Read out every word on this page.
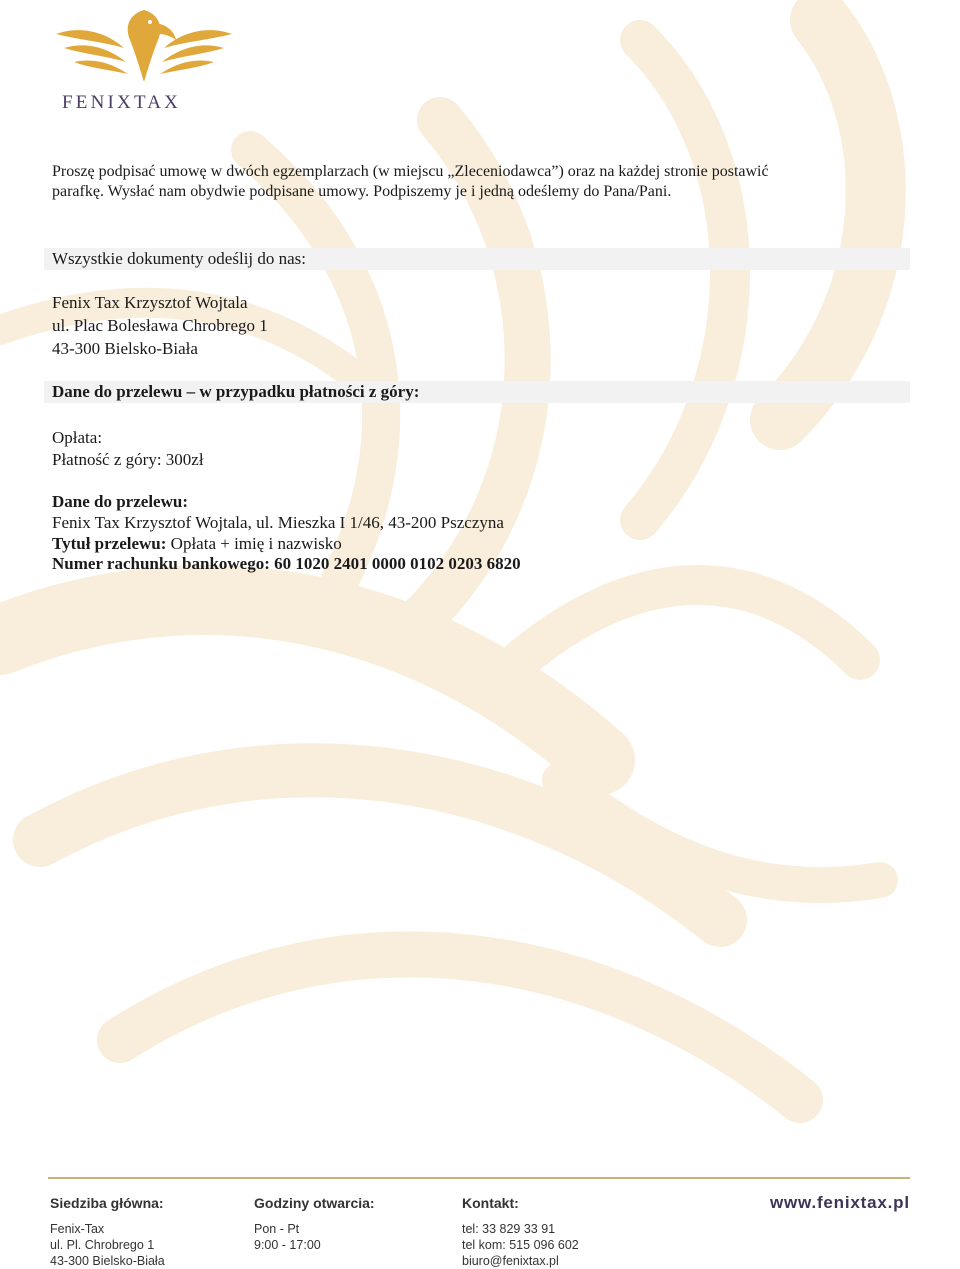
FENIXTAX
Proszę podpisać umowę w dwóch egzemplarzach (w miejscu „Zleceniodawca”) oraz na każdej stronie postawić
parafkę. Wysłać nam obydwie podpisane umowy. Podpiszemy je i jedną odeślemy do Pana/Pani.
Wszystkie dokumenty odeślij do nas:
Fenix Tax Krzysztof Wojtala
ul. Plac Bolesława Chrobrego 1
43-300 Bielsko-Biała
Dane do przelewu – w przypadku płatności z góry:
Opłata:
Płatność z góry: 300zł
Dane do przelewu:
Fenix Tax Krzysztof Wojtala, ul. Mieszka I 1/46, 43-200 Pszczyna
Tytuł przelewu: Opłata + imię i nazwisko
Numer rachunku bankowego: 60 1020 2401 0000 0102 0203 6820
Siedziba główna:
Fenix-Tax
ul. Pl. Chrobrego 1
43-300 Bielsko-Biała
Godziny otwarcia:
Pon - Pt
9:00 - 17:00
Kontakt:
tel: 33 829 33 91
tel kom: 515 096 602
biuro@fenixtax.pl
www.fenixtax.pl
